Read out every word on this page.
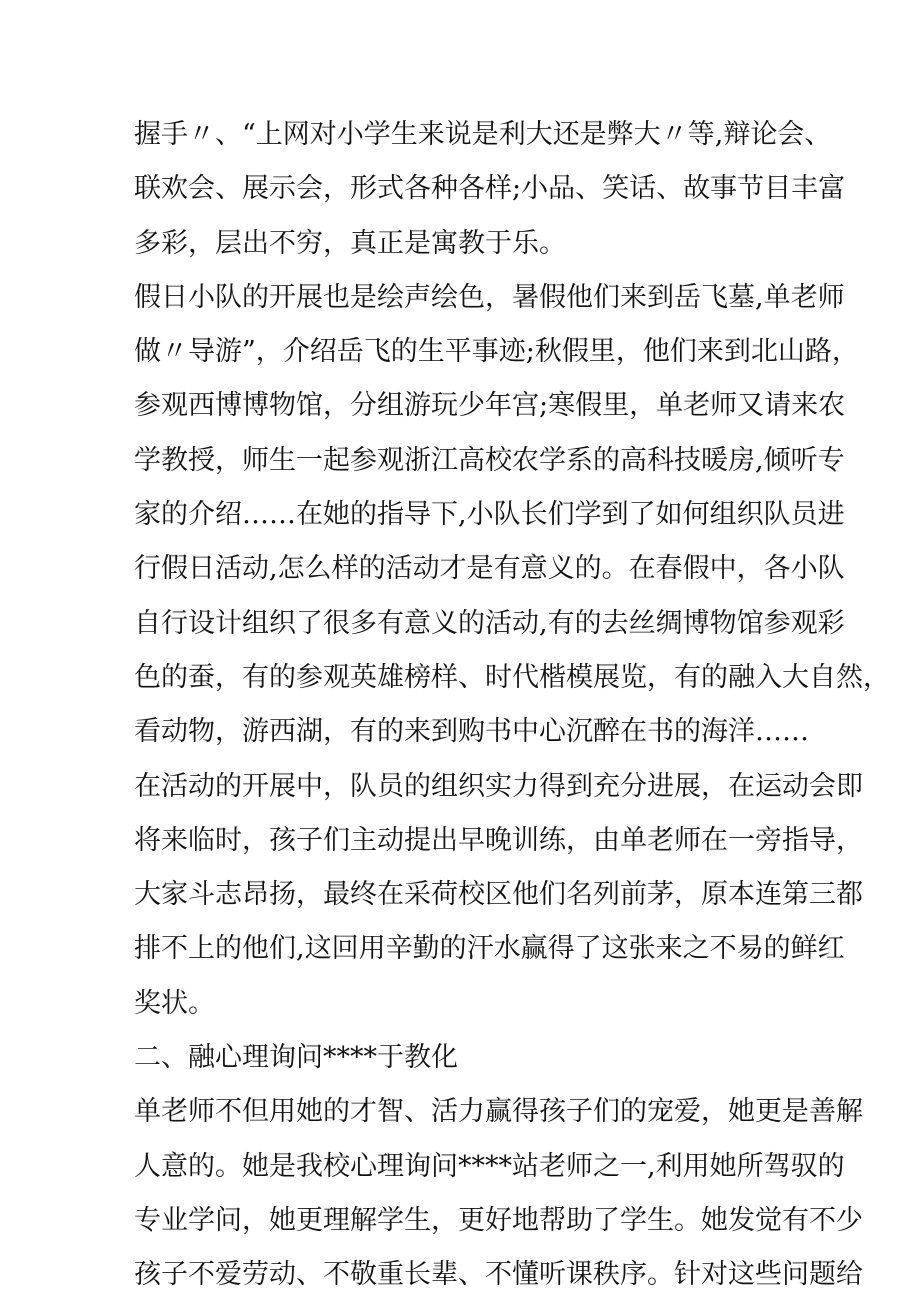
握手〃、“上网对小学生来说是利大还是弊大〃等,辩论会、
联欢会、展示会，形式各种各样;小品、笑话、故事节目丰富
多彩，层出不穷，真正是寓教于乐。
假日小队的开展也是绘声绘色，暑假他们来到岳飞墓,单老师
做〃导游”，介绍岳飞的生平事迹;秋假里，他们来到北山路，
参观西博博物馆，分组游玩少年宫;寒假里，单老师又请来农
学教授，师生一起参观浙江高校农学系的高科技暖房,倾听专
家的介绍……在她的指导下,小队长们学到了如何组织队员进
行假日活动,怎么样的活动才是有意义的。在春假中，各小队
自行设计组织了很多有意义的活动,有的去丝绸博物馆参观彩
色的蚕，有的参观英雄榜样、时代楷模展览，有的融入大自然，
看动物，游西湖，有的来到购书中心沉醉在书的海洋……
在活动的开展中，队员的组织实力得到充分进展，在运动会即
将来临时，孩子们主动提出早晚训练，由单老师在一旁指导，
大家斗志昂扬，最终在采荷校区他们名列前茅，原本连第三都
排不上的他们,这回用辛勤的汗水赢得了这张来之不易的鲜红
奖状。
二、融心理询问****于教化
单老师不但用她的才智、活力赢得孩子们的宠爱，她更是善解
人意的。她是我校心理询问****站老师之一,利用她所驾驭的
专业学问，她更理解学生，更好地帮助了学生。她发觉有不少
孩子不爱劳动、不敬重长辈、不懂听课秩序。针对这些问题给
